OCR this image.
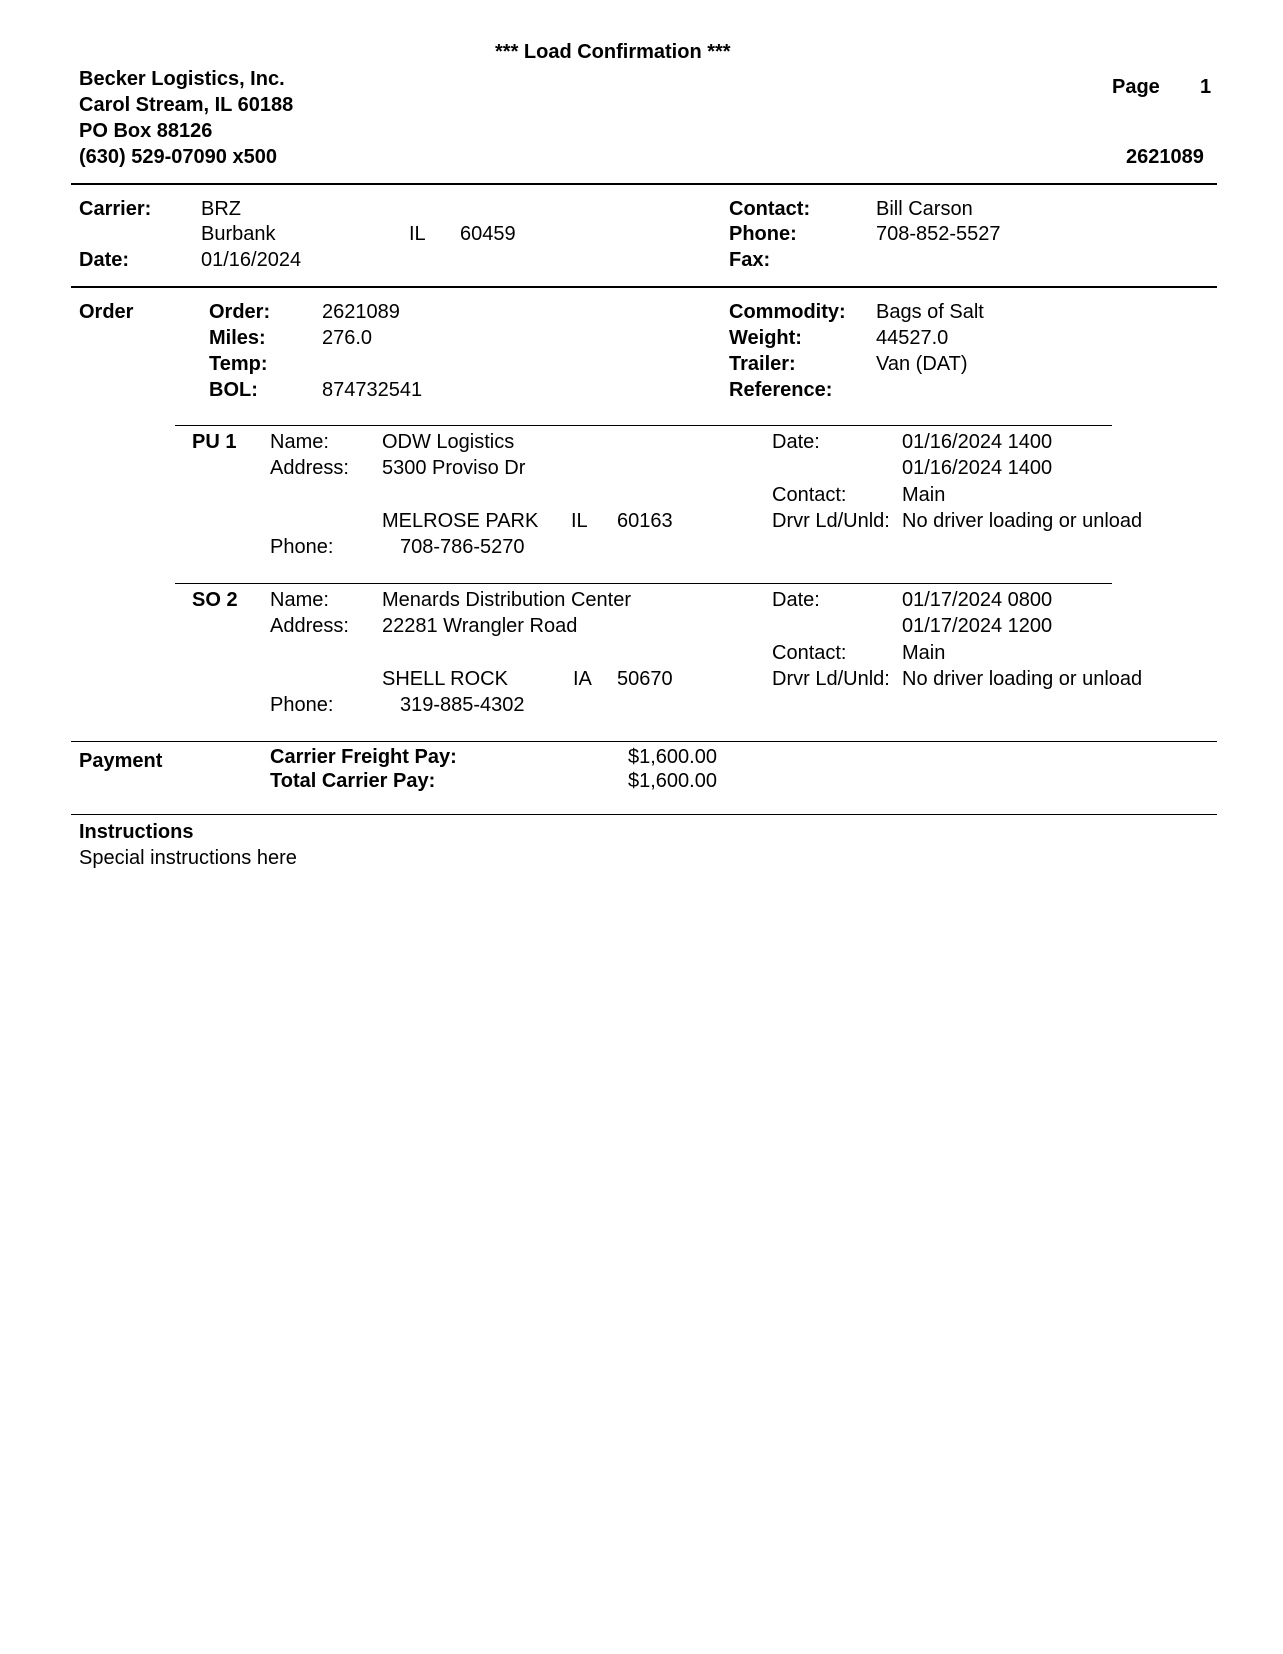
*** Load Confirmation ***
Becker Logistics, Inc.
Carol Stream, IL 60188
PO Box 88126
(630) 529-07090 x500
Page 1
2621089
Carrier: BRZ
Burbank	IL 60459
Date:	01/16/2024
Contact:	Bill Carson
Phone:	708-852-5527
Fax:
Order	Order:	2621089
Miles:	276.0
Temp:
BOL:	874732541
Commodity: Bags of Salt
Weight:	44527.0
Trailer:	Van (DAT)
Reference:
PU 1 Name:	ODW Logistics
Address: 5300 Proviso Dr
MELROSE PARK IL 60163
Phone:	708-786-5270
Date:	01/16/2024 1400
01/16/2024 1400
Contact:	Main
Drvr Ld/Unld: No driver loading or unload
SO 2 Name:	Menards Distribution Center
Address: 22281 Wrangler Road
SHELL ROCK	IA 50670
Phone:	319-885-4302
Date:	01/17/2024 0800
01/17/2024 1200
Contact:	Main
Drvr Ld/Unld: No driver loading or unload
Payment	Carrier Freight Pay:	$1,600.00
Total Carrier Pay:	$1,600.00
Instructions
Special instructions here
